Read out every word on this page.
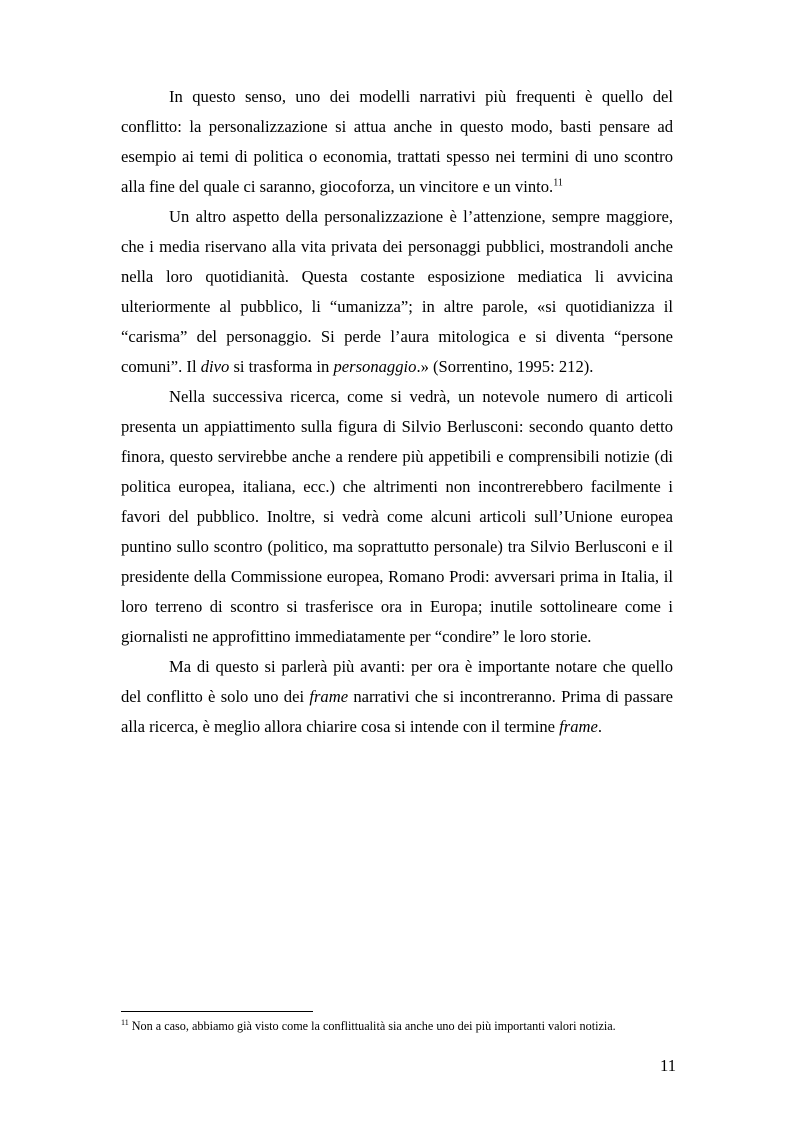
In questo senso, uno dei modelli narrativi più frequenti è quello del conflitto: la personalizzazione si attua anche in questo modo, basti pensare ad esempio ai temi di politica o economia, trattati spesso nei termini di uno scontro alla fine del quale ci saranno, giocoforza, un vincitore e un vinto.$^{11}$

Un altro aspetto della personalizzazione è l’attenzione, sempre maggiore, che i media riservano alla vita privata dei personaggi pubblici, mostrandoli anche nella loro quotidianità. Questa costante esposizione mediatica li avvicina ulteriormente al pubblico, li “umanizza”; in altre parole, «si quotidianizza il “carisma” del personaggio. Si perde l’aura mitologica e si diventa “persone comuni”. Il divo si trasforma in personaggio.» (Sorrentino, 1995: 212).

Nella successiva ricerca, come si vedrà, un notevole numero di articoli presenta un appiattimento sulla figura di Silvio Berlusconi: secondo quanto detto finora, questo servirebbe anche a rendere più appetibili e comprensibili notizie (di politica europea, italiana, ecc.) che altrimenti non incontrerebbero facilmente i favori del pubblico. Inoltre, si vedrà come alcuni articoli sull’Unione europea puntino sullo scontro (politico, ma soprattutto personale) tra Silvio Berlusconi e il presidente della Commissione europea, Romano Prodi: avversari prima in Italia, il loro terreno di scontro si trasferisce ora in Europa; inutile sottolineare come i giornalisti ne approfittino immediatamente per “condire” le loro storie.

Ma di questo si parlerà più avanti: per ora è importante notare che quello del conflitto è solo uno dei frame narrativi che si incontreranno. Prima di passare alla ricerca, è meglio allora chiarire cosa si intende con il termine frame.

$^{11}$ Non a caso, abbiamo già visto come la conflittualità sia anche uno dei più importanti valori notizia.
11
